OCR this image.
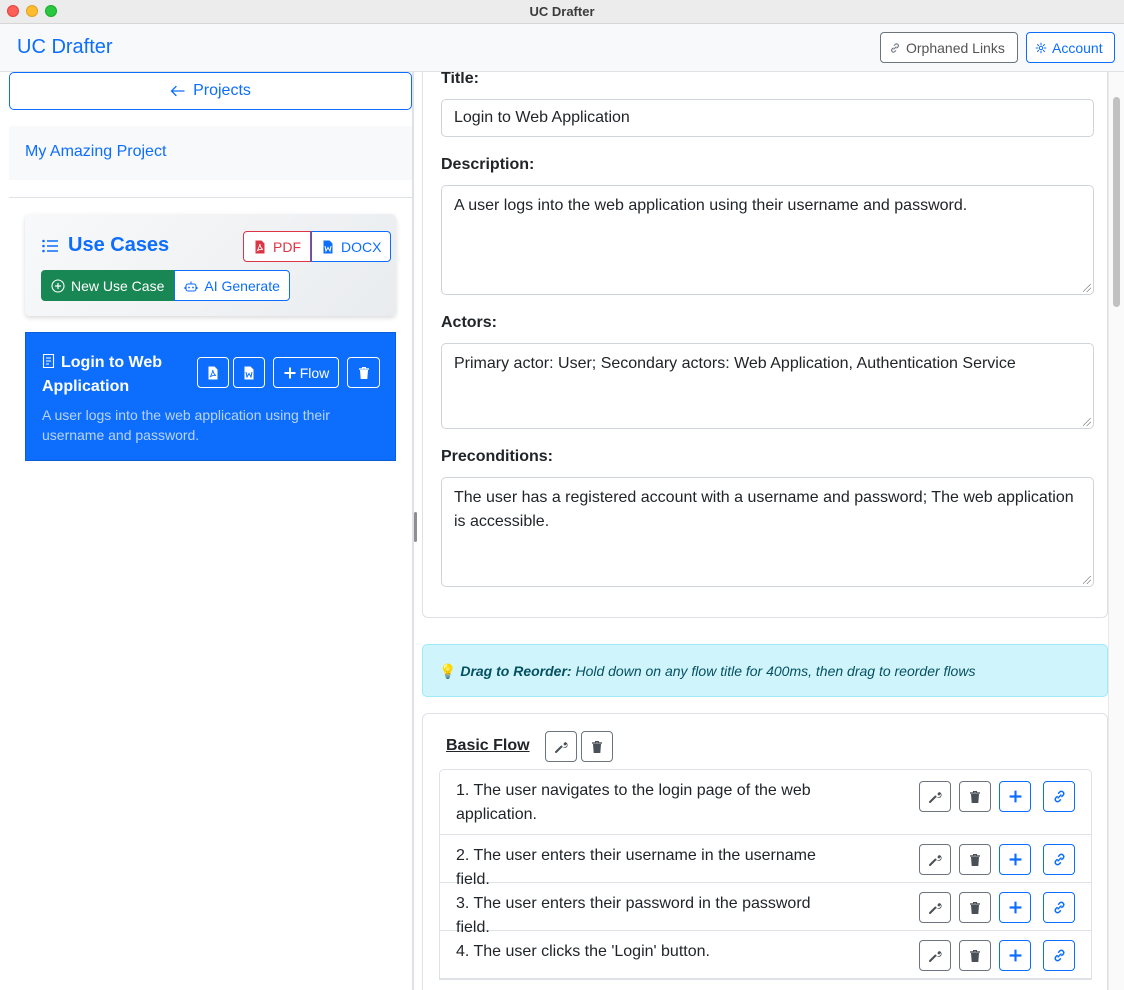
UC Drafter
UC Drafter	Orphaned Links	Account
Projects
My Amazing Project
Use Cases	PDF	DOCX
New Use Case	AI Generate
Login to Web Application
Flow
A user logs into the web application using their username and password.
Title:
Login to Web Application
Description:
A user logs into the web application using their username and password.
Actors:
Primary actor: User; Secondary actors: Web Application, Authentication Service
Preconditions:
The user has a registered account with a username and password; The web application is accessible.
💡 Drag to Reorder: Hold down on any flow title for 400ms, then drag to reorder flows
Basic Flow
1. The user navigates to the login page of the web application.
2. The user enters their username in the username field.
3. The user enters their password in the password field.
4. The user clicks the 'Login' button.
